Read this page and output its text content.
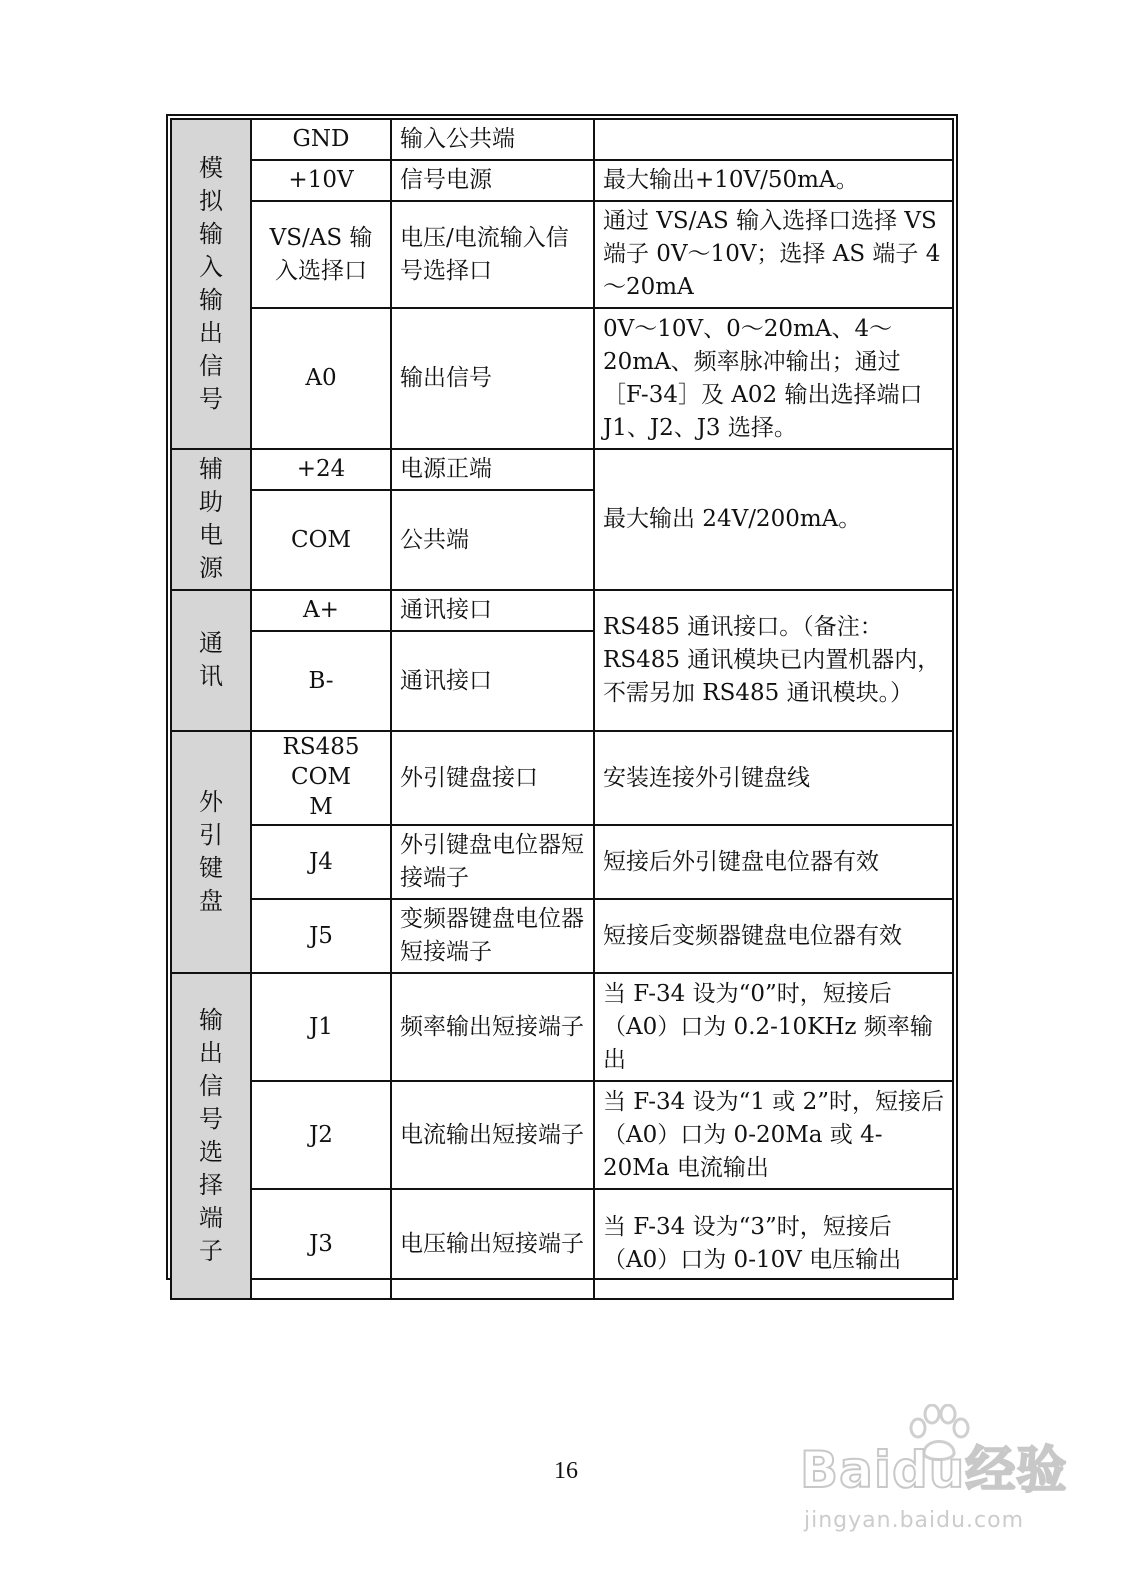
模拟输入输出信号	GND	输入公共端	
	+10V	信号电源	最大输出+10V/50mA。
	VS/AS 输入选择口	电压/电流输入信号选择口	通过 VS/AS 输入选择口选择 VS 端子 0V～10V；选择 AS 端子 4～20mA
	A0	输出信号	0V～10V、0～20mA、4～20mA、频率脉冲输出；通过［F-34］及 A02 输出选择端口 J1、J2、J3 选择。
辅助电源	+24	电源正端	最大输出 24V/200mA。
	COM	公共端	
通讯	A+	通讯接口	RS485 通讯接口。（备注：RS485 通讯模块已内置机器内，不需另加 RS485 通讯模块。）
	B-	通讯接口	
外引键盘	RS485 COMM	外引键盘接口	安装连接外引键盘线
	J4	外引键盘电位器短接端子	短接后外引键盘电位器有效
	J5	变频器键盘电位器短接端子	短接后变频器键盘电位器有效
输出信号选择端子	J1	频率输出短接端子	当 F-34 设为“0”时，短接后（A0）口为 0.2-10KHz 频率输出
	J2	电流输出短接端子	当 F-34 设为“1 或 2”时，短接后（A0）口为 0-20Ma 或 4-20Ma 电流输出
	J3	电压输出短接端子	当 F-34 设为“3”时，短接后（A0）口为 0-10V 电压输出
16	Baidu经验
jingyan.baidu.com
